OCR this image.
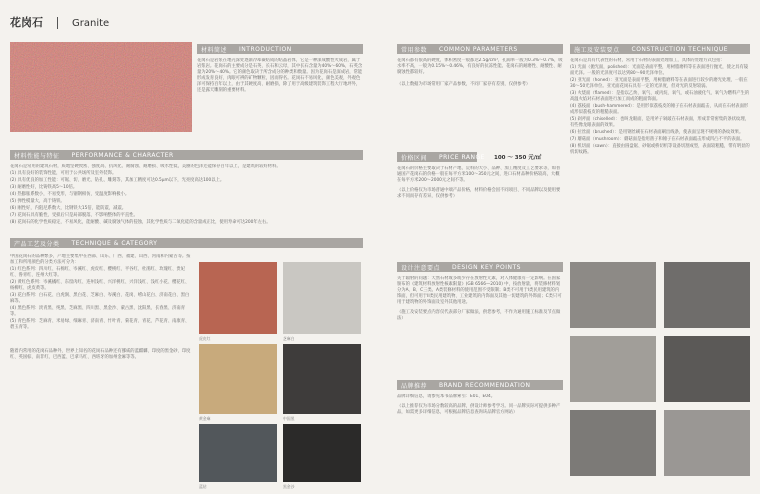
花岗石	Granite
材料简述	INTRODUCTION

花岗石是岩浆在地壳深处逐渐冷却凝结成的结晶岩体，它是一种深成酸性火成岩，属于岩浆岩。花岗石的主要成分是石英、长石和云母，其中长石含量为40%～60%，石英含量为20%～40%。它的颜色取决于所含成分的种类和数量。因为花岗石是深成岩，常能形成发育良好、肉眼可辨的矿物颗粒，因而得名。花岗石不易风化，颜色美观，外观色泽可保持百年以上，由于其硬度高、耐磨损，除了用于高级建筑装饰工程大厅地坪外，还是露天雕刻的重要材料。

材料性能与特征	PERFORMANCE & CHARACTER

花岗石是常用的建筑石材，质地坚硬致密、强度高、抗风化、耐腐蚀、耐磨损、吸水性低，美丽的色泽还能保存百年以上，是建筑的较好材料。

(1) 具有良好的装饰性能，可用于公共场所及室外装饰。

(2) 具有优良的加工性能：可锯、切、磨光、钻孔、雕刻等，其加工精度可达0.5μm以下，光亮度高达100以上。

(3) 耐磨性好，比铸铁高5～10倍。

(4) 热膨胀系数小，不易变形，与铟钢相仿，受温度影响极小。

(5) 弹性模量大，高于铸铁。

(6) 刚性好，内阻尼系数大，比钢铁大15倍，能防震，减震。

(7) 花岗石具有脆性，受损后只是局部脱落，不影响整体的平直性。

(8) 花岗石的化学性质稳定，不易风化，能耐酸、碱及腐蚀气体的侵蚀，其化学性质与二氧化硅的含量成正比，使用寿命可达200年左右。

产品工艺及分类	TECHNIQUE & CATEGORY

中国花岗石的品种繁多，产地主要集中在西部、山东、广西、福建、山西、河南和内蒙古等。按加工和所用颜色的分类方法可分为：

(1) 红色系列：四川红、石棉红、岑溪红、虎皮红、樱桃红、平谷红、杜鹃红、玫瑰红、贵妃红、鲁青红、连州大红等。

(2) 黄红色系列：岑溪橘红、东留肉红、连州浅红、兴洋桃红、兴洋浅红、浅红小花、樱花红、杨柳红、虎皮黄等。

(3) 花白系列：白石花、白虎涧、黑白花、芝麻白、岑溪白、花岗、崂山花白、济南花白、黑白麻等。

(4) 黑色系列：淡青黑、纯黑、芝麻黑、四川黑、黑金沙、蒙古黑、沈阳黑、长春黑、济南青等。

(5) 青色系列：芝麻青、米易绿、细麻青、济南青、竹叶青、菊花青、青花、芦花青、南康青、碧玉青等。

随着内常用的花岗石品种外，世界上知名的花岗石品种还有挪威的蓝麒麟、印度的黑金砂、印度红、英国棕、南非红、巴西蓝、巴拿马红、西班牙的加州金麻等等。

虎皮红	芝麻白
黄金麻	中国黑
蓝钻	黑金沙
常用参数	COMMON PARAMETERS

花岗石都有很高的硬度，体积密度一般都达2.5g/cm³，孔隙率一般为0.3%～0.7%，吸水率不高，一般为0.15%～0.46%，有良好的抗冻性能。花岗石的耐磨性、耐酸性、耐腐蚀性都较好。

（以上数据为市场常用厂家产品参数，不同厂家存有差别，仅供参考）

价格区间	PRICE RANGE 100 ～ 350 元/㎡

花岗石的价格主要取决于石材产地、荒料的大小、品种、加工精度及工艺要求等，如普通国产花岗石的价格一般在每平方米100～350元之间，进口石材品种价格较高，大概在每平方米200～2000元之间不等。

（以上价格仅为市场普通中端产品价格，材料价格会因不同项目、不同品牌以及使用要求不同而存有差异，仅供参考）

施工及安装要点	CONSTRUCTION TECHNIQUE

花岗石是具有代表性的石材，常用于石材的表面处理加工，具体的处理方式包括：

(1) 光面（抛光面，polished）：光面是表面平整，用树脂磨料等在表面进行抛光，使之具有镜面光泽。一般的光泽度可以达到80～90光泽单位。

(2) 亚光面（honed）：亚光面是表面平整，用树脂磨料等在表面进行较少的磨光处理，一般在30～50光泽单位。亚光面花岗石具有一定的光泽度，但对光的反射较弱。

(3) 火烧面（flamed）：是指以乙炔、氧气、或丙烷、氧气，或石油液化气、氧气为燃料产生的高温火焰对石材表面进行加工而成的粗面饰面。

(4) 荔枝面（bush-hammered）：是用形似荔枝皮的锤子在石材表面敲击，从而在石材表面形成形似荔枝皮的粗糙表面。

(5) 剁斧面（chiselled）：也叫龙眼面，是用斧子剁敲在石材表面，形成非常密集的条状纹理，有些像龙眼表面的效果。

(6) 拉丝面（brushed）：是用钢丝刷在石材表面刷出线条，使表面呈现不规则的条纹效果。

(7) 蘑菇面（mushroom）：蘑菇面是指用凿子和锤子在石材表面敲击形成凹凸不平的表面。

(8) 机切面（sawn）：直接由圆盘锯、砂锯或桥切机等设备切割成型，表面较粗糙，带有明显的机切纹路。

设计注意要点	DESIGN KEY POINTS

关于辐射的问题：天然石材或多或少存在放射性元素，对人体健康有一定影响。在国家颁布的《建筑材料放射性核素限量》(GB 6566—2010) 中，按放射量，将装修材料划分为A、B、C三类。A类装修材料的使用范围不受限制；B类不可用于I类民用建筑的内饰面，但可用于II类民用建筑物、工业建筑的内饰面及其他一切建筑的外饰面；C类只可用于建筑物的外饰面及室外其他用途。

（施工及安装要点内容仅代表部分厂家做法，供您参考，不作为通用施工标准及节点做法）

品牌推荐	BRAND RECOMMENDATION

品牌详细信息，请参见本书品牌索引：E01、E04。

（以上推荐仅为市场分数较高的品牌，供设计师参考学习。同一品牌实际可提供多种产品，如需更多详细信息，可根据品牌信息查询该品牌官方网站）
